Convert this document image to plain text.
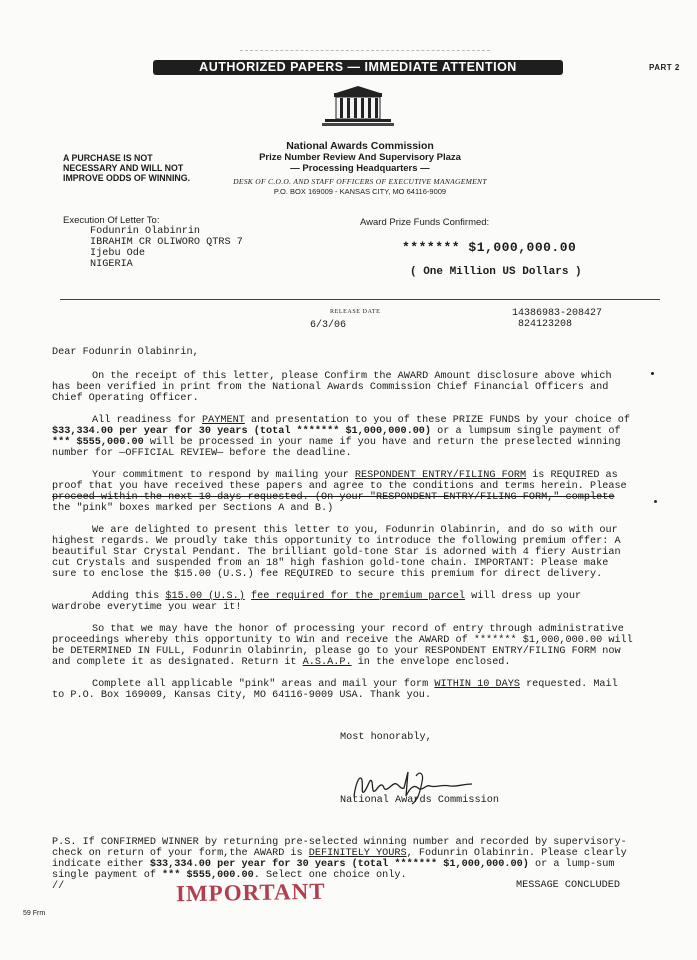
AUTHORIZED PAPERS — IMMEDIATE ATTENTION	PART 2
National Awards Commission
Prize Number Review And Supervisory Plaza
— Processing Headquarters —
DESK OF C.O.O. AND STAFF OFFICERS OF EXECUTIVE MANAGEMENT
P.O. BOX 169009 - KANSAS CITY, MO 64116-9009
A PURCHASE IS NOT NECESSARY AND WILL NOT IMPROVE ODDS OF WINNING.
Execution Of Letter To:
Fodunrin Olabinrin
IBRAHIM CR OLIWORO QTRS 7
Ijebu Ode
NIGERIA
Award Prize Funds Confirmed:
******* $1,000,000.00
( One Million US Dollars )
RELEASE DATE
6/3/06
14386983-208427
824123208

Dear Fodunrin Olabinrin,

On the receipt of this letter, please Confirm the AWARD Amount disclosure above which
has been verified in print from the National Awards Commission Chief Financial Officers and
Chief Operating Officer.

All readiness for PAYMENT and presentation to you of these PRIZE FUNDS by your choice of
$33,334.00 per year for 30 years (total ******* $1,000,000.00) or a lumpsum single payment of
*** $555,000.00 will be processed in your name if you have and return the preselected winning
number for —OFFICIAL REVIEW— before the deadline.

Your commitment to respond by mailing your RESPONDENT ENTRY/FILING FORM is REQUIRED as
proof that you have received these papers and agree to the conditions and terms herein. Please
proceed within the next 10 days requested. (On your "RESPONDENT ENTRY/FILING FORM," complete
the "pink" boxes marked per Sections A and B.)

We are delighted to present this letter to you, Fodunrin Olabinrin, and do so with our
highest regards. We proudly take this opportunity to introduce the following premium offer: A
beautiful Star Crystal Pendant. The brilliant gold-tone Star is adorned with 4 fiery Austrian
cut Crystals and suspended from an 18" high fashion gold-tone chain. IMPORTANT: Please make
sure to enclose the $15.00 (U.S.) fee REQUIRED to secure this premium for direct delivery.

Adding this $15.00 (U.S.) fee required for the premium parcel will dress up your
wardrobe everytime you wear it!

So that we may have the honor of processing your record of entry through administrative
proceedings whereby this opportunity to Win and receive the AWARD of ******* $1,000,000.00 will
be DETERMINED IN FULL, Fodunrin Olabinrin, please go to your RESPONDENT ENTRY/FILING FORM now
and complete it as designated. Return it A.S.A.P. in the envelope enclosed.

Complete all applicable "pink" areas and mail your form WITHIN 10 DAYS requested. Mail
to P.O. Box 169009, Kansas City, MO 64116-9009 USA. Thank you.

Most honorably,
National Awards Commission
P.S. If CONFIRMED WINNER by returning pre-selected winning number and recorded by supervisory-
check on return of your form,the AWARD is DEFINITELY YOURS, Fodunrin Olabinrin. Please clearly
indicate either $33,334.00 per year for 30 years (total ******* $1,000,000.00) or a lump-sum
single payment of *** $555,000.00. Select one choice only.
//	MESSAGE CONCLUDED
IMPORTANT
59 Frm
